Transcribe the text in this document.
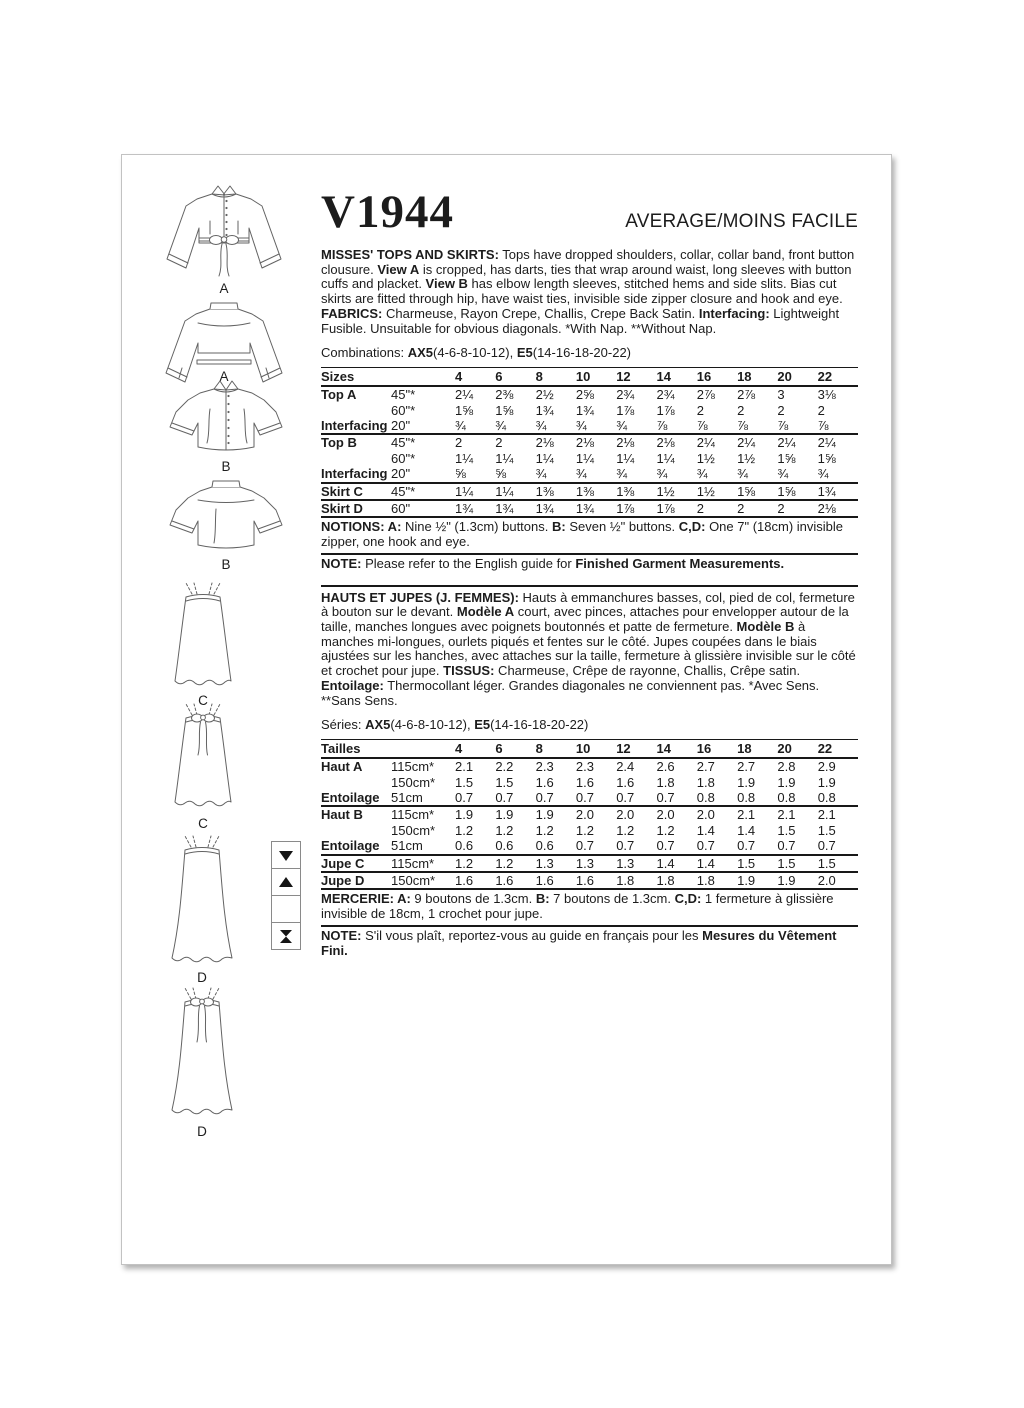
A
A
B
B
C
C
D
D
V1944	AVERAGE/MOINS FACILE

MISSES' TOPS AND SKIRTS: Tops have dropped shoulders, collar, collar band, front button clousure. View A is cropped, has darts, ties that wrap around waist, long sleeves with button cuffs and placket. View B has elbow length sleeves, stitched hems and side slits. Bias cut skirts are fitted through hip, have waist ties, invisible side zipper closure and hook and eye. FABRICS: Charmeuse, Rayon Crepe, Challis, Crepe Back Satin. Interfacing: Lightweight Fusible. Unsuitable for obvious diagonals. *With Nap. **Without Nap.

Combinations: AX5(4-6-8-10-12), E5(14-16-18-20-22)

Sizes		4	6	8	10	12	14	16	18	20	22
Top A	45"*	2¼	2⅜	2½	2⅝	2¾	2¾	2⅞	2⅞	3	3⅛
	60"*	1⅝	1⅝	1¾	1¾	1⅞	1⅞	2	2	2	2
Interfacing	20"	¾	¾	¾	¾	¾	⅞	⅞	⅞	⅞	⅞
Top B	45"*	2	2	2⅛	2⅛	2⅛	2⅛	2¼	2¼	2¼	2¼
	60"*	1¼	1¼	1¼	1¼	1¼	1¼	1½	1½	1⅝	1⅝
Interfacing	20"	⅝	⅝	¾	¾	¾	¾	¾	¾	¾	¾
Skirt C	45"*	1¼	1¼	1⅜	1⅜	1⅜	1½	1½	1⅝	1⅝	1¾
Skirt D	60"	1¾	1¾	1¾	1¾	1⅞	1⅞	2	2	2	2⅛

NOTIONS: A: Nine ½" (1.3cm) buttons. B: Seven ½" buttons. C,D: One 7" (18cm) invisible zipper, one hook and eye.

NOTE: Please refer to the English guide for Finished Garment Measurements.

HAUTS ET JUPES (J. FEMMES): Hauts à emmanchures basses, col, pied de col, fermeture à bouton sur le devant. Modèle A court, avec pinces, attaches pour envelopper autour de la taille, manches longues avec poignets boutonnés et patte de fermeture. Modèle B à manches mi-longues, ourlets piqués et fentes sur le côté. Jupes coupées dans le biais ajustées sur les hanches, avec attaches sur la taille, fermeture à glissière invisible sur le côté et crochet pour jupe. TISSUS: Charmeuse, Crêpe de rayonne, Challis, Crêpe satin. Entoilage: Thermocollant léger. Grandes diagonales ne conviennent pas. *Avec Sens. **Sans Sens.

Séries: AX5(4-6-8-10-12), E5(14-16-18-20-22)

Tailles		4	6	8	10	12	14	16	18	20	22
Haut A	115cm*	2.1	2.2	2.3	2.3	2.4	2.6	2.7	2.7	2.8	2.9
	150cm*	1.5	1.5	1.6	1.6	1.6	1.8	1.8	1.9	1.9	1.9
Entoilage	51cm	0.7	0.7	0.7	0.7	0.7	0.7	0.8	0.8	0.8	0.8
Haut B	115cm*	1.9	1.9	1.9	2.0	2.0	2.0	2.0	2.1	2.1	2.1
	150cm*	1.2	1.2	1.2	1.2	1.2	1.2	1.4	1.4	1.5	1.5
Entoilage	51cm	0.6	0.6	0.6	0.7	0.7	0.7	0.7	0.7	0.7	0.7
Jupe C	115cm*	1.2	1.2	1.3	1.3	1.3	1.4	1.4	1.5	1.5	1.5
Jupe D	150cm*	1.6	1.6	1.6	1.6	1.8	1.8	1.8	1.9	1.9	2.0

MERCERIE: A: 9 boutons de 1.3cm. B: 7 boutons de 1.3cm. C,D: 1 fermeture à glissière invisible de 18cm, 1 crochet pour jupe.

NOTE: S'il vous plaît, reportez-vous au guide en français pour les Mesures du Vêtement Fini.
